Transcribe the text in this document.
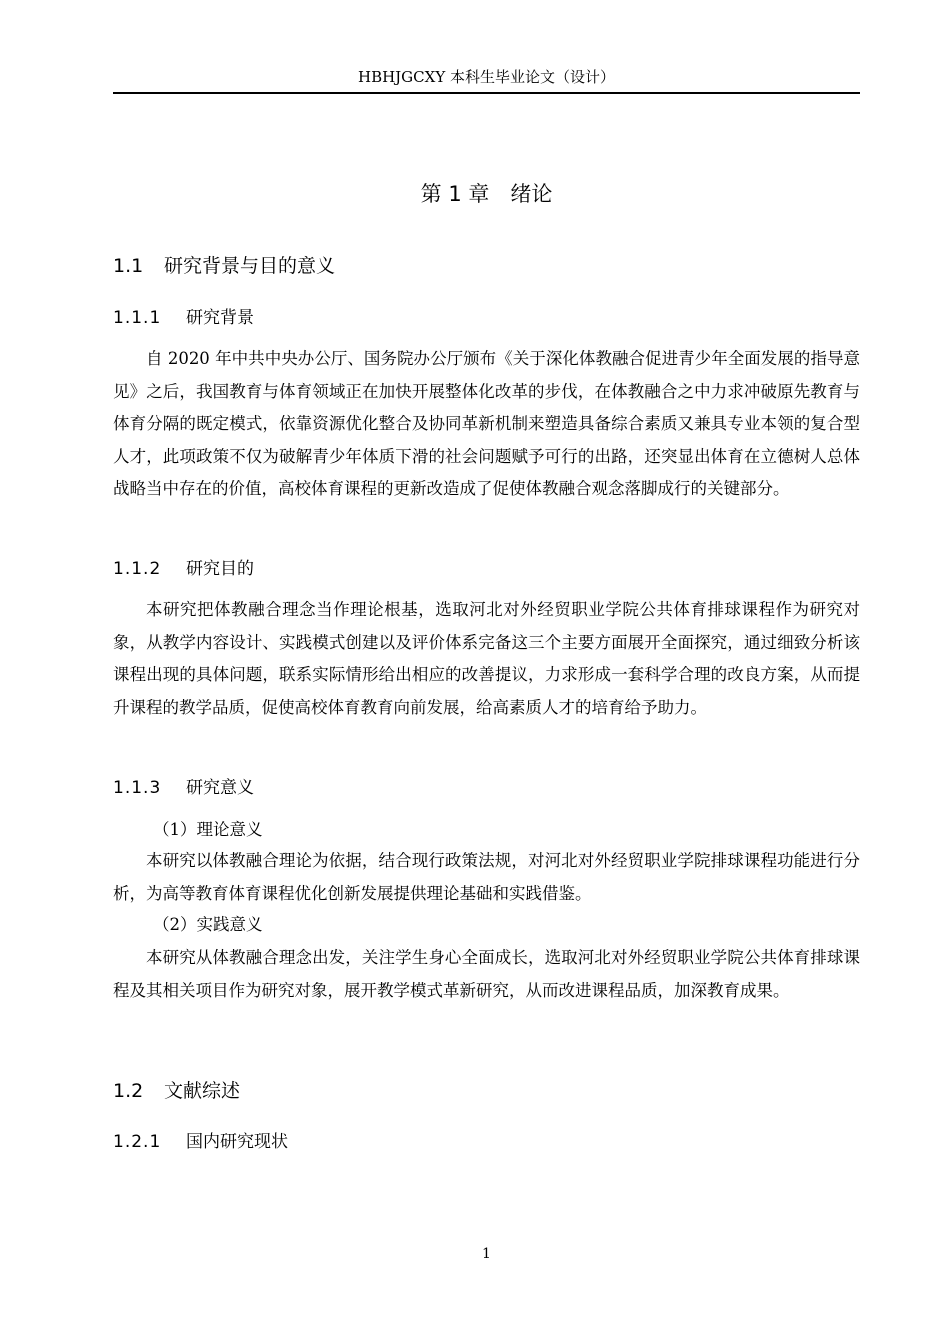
HBHJGCXY 本科生毕业论文（设计）
第 1 章　绪论
1.1 研究背景与目的意义
1.1.1 研究背景
自 2020 年中共中央办公厅、国务院办公厅颁布《关于深化体教融合促进青少年全面发展的指导意见》之后，我国教育与体育领域正在加快开展整体化改革的步伐，在体教融合之中力求冲破原先教育与体育分隔的既定模式，依靠资源优化整合及协同革新机制来塑造具备综合素质又兼具专业本领的复合型人才，此项政策不仅为破解青少年体质下滑的社会问题赋予可行的出路，还突显出体育在立德树人总体战略当中存在的价值，高校体育课程的更新改造成了促使体教融合观念落脚成行的关键部分。
1.1.2 研究目的
本研究把体教融合理念当作理论根基，选取河北对外经贸职业学院公共体育排球课程作为研究对象，从教学内容设计、实践模式创建以及评价体系完备这三个主要方面展开全面探究，通过细致分析该课程出现的具体问题，联系实际情形给出相应的改善提议，力求形成一套科学合理的改良方案，从而提升课程的教学品质，促使高校体育教育向前发展，给高素质人才的培育给予助力。
1.1.3 研究意义
（1）理论意义
本研究以体教融合理论为依据，结合现行政策法规，对河北对外经贸职业学院排球课程功能进行分析，为高等教育体育课程优化创新发展提供理论基础和实践借鉴。
（2）实践意义
本研究从体教融合理念出发，关注学生身心全面成长，选取河北对外经贸职业学院公共体育排球课程及其相关项目作为研究对象，展开教学模式革新研究，从而改进课程品质，加深教育成果。
1.2 文献综述
1.2.1 国内研究现状
1
